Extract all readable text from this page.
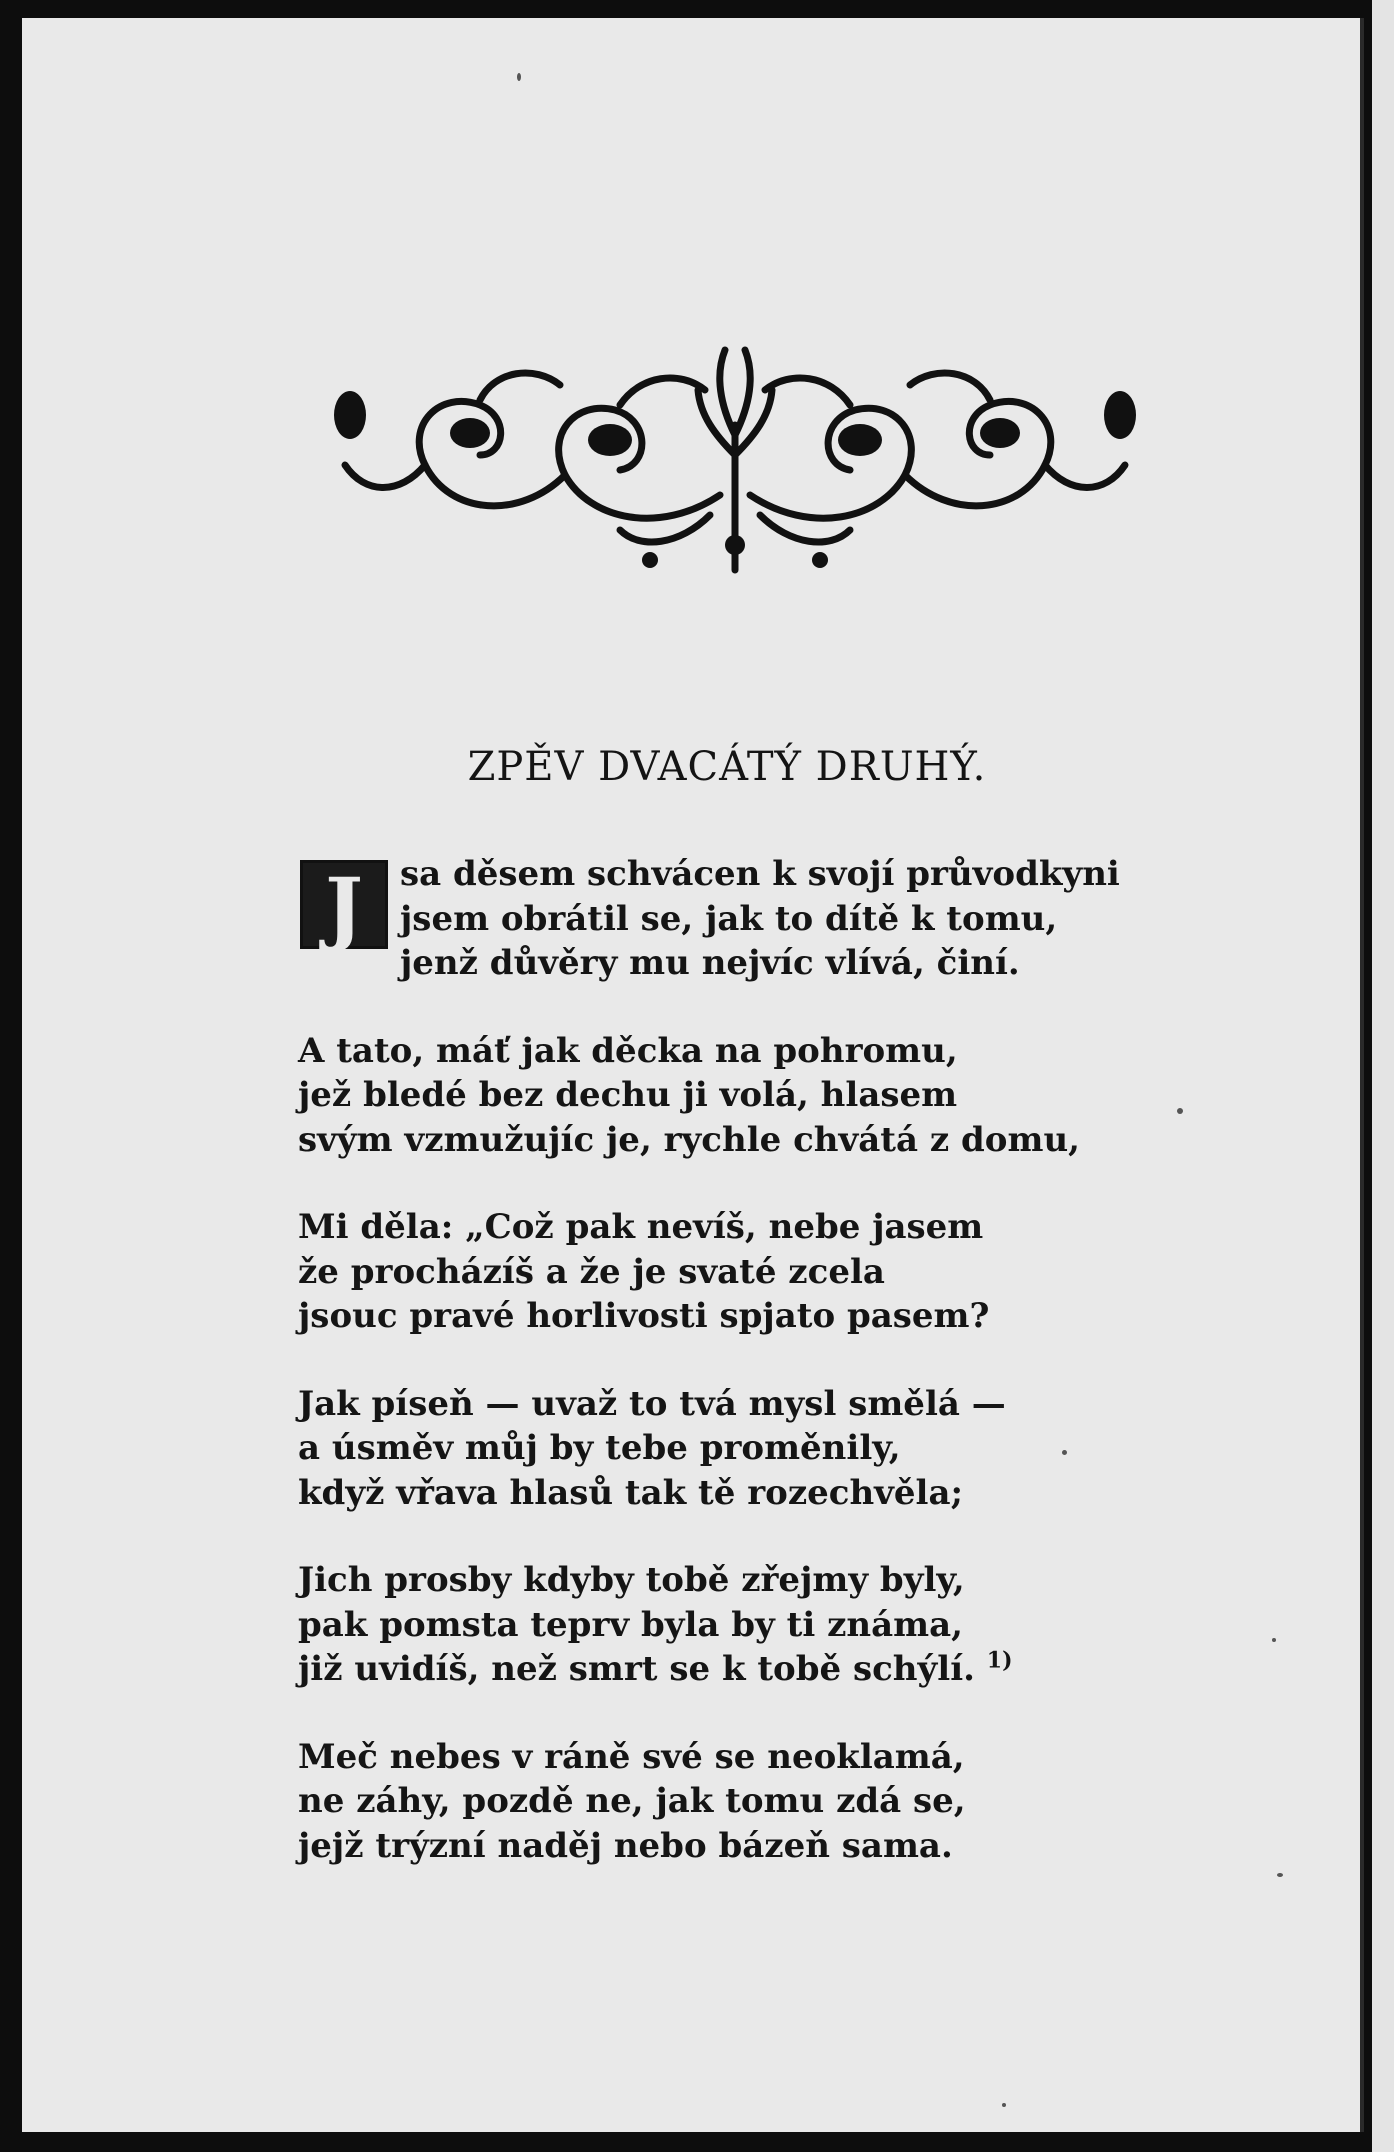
ZPĚV DVACÁTÝ DRUHÝ.
J	sa děsem schvácen k svojí průvodkyni
jsem obrátil se, jak to dítě k tomu,
jenž důvěry mu nejvíc vlívá, činí.
A tato, máť jak děcka na pohromu,
jež bledé bez dechu ji volá, hlasem
svým vzmužujíc je, rychle chvátá z domu,
Mi děla: „Což pak nevíš, nebe jasem
že procházíš a že je svaté zcela
jsouc pravé horlivosti spjato pasem?
Jak píseň — uvaž to tvá mysl smělá —
a úsměv můj by tebe proměnily,
když vřava hlasů tak tě rozechvěla;
Jich prosby kdyby tobě zřejmy byly,
pak pomsta teprv byla by ti známa,
již uvidíš, než smrt se k tobě schýlí. $^{1)}$
Meč nebes v ráně své se neoklamá,
ne záhy, pozdě ne, jak tomu zdá se,
jejž trýzní naděj nebo bázeň sama.
